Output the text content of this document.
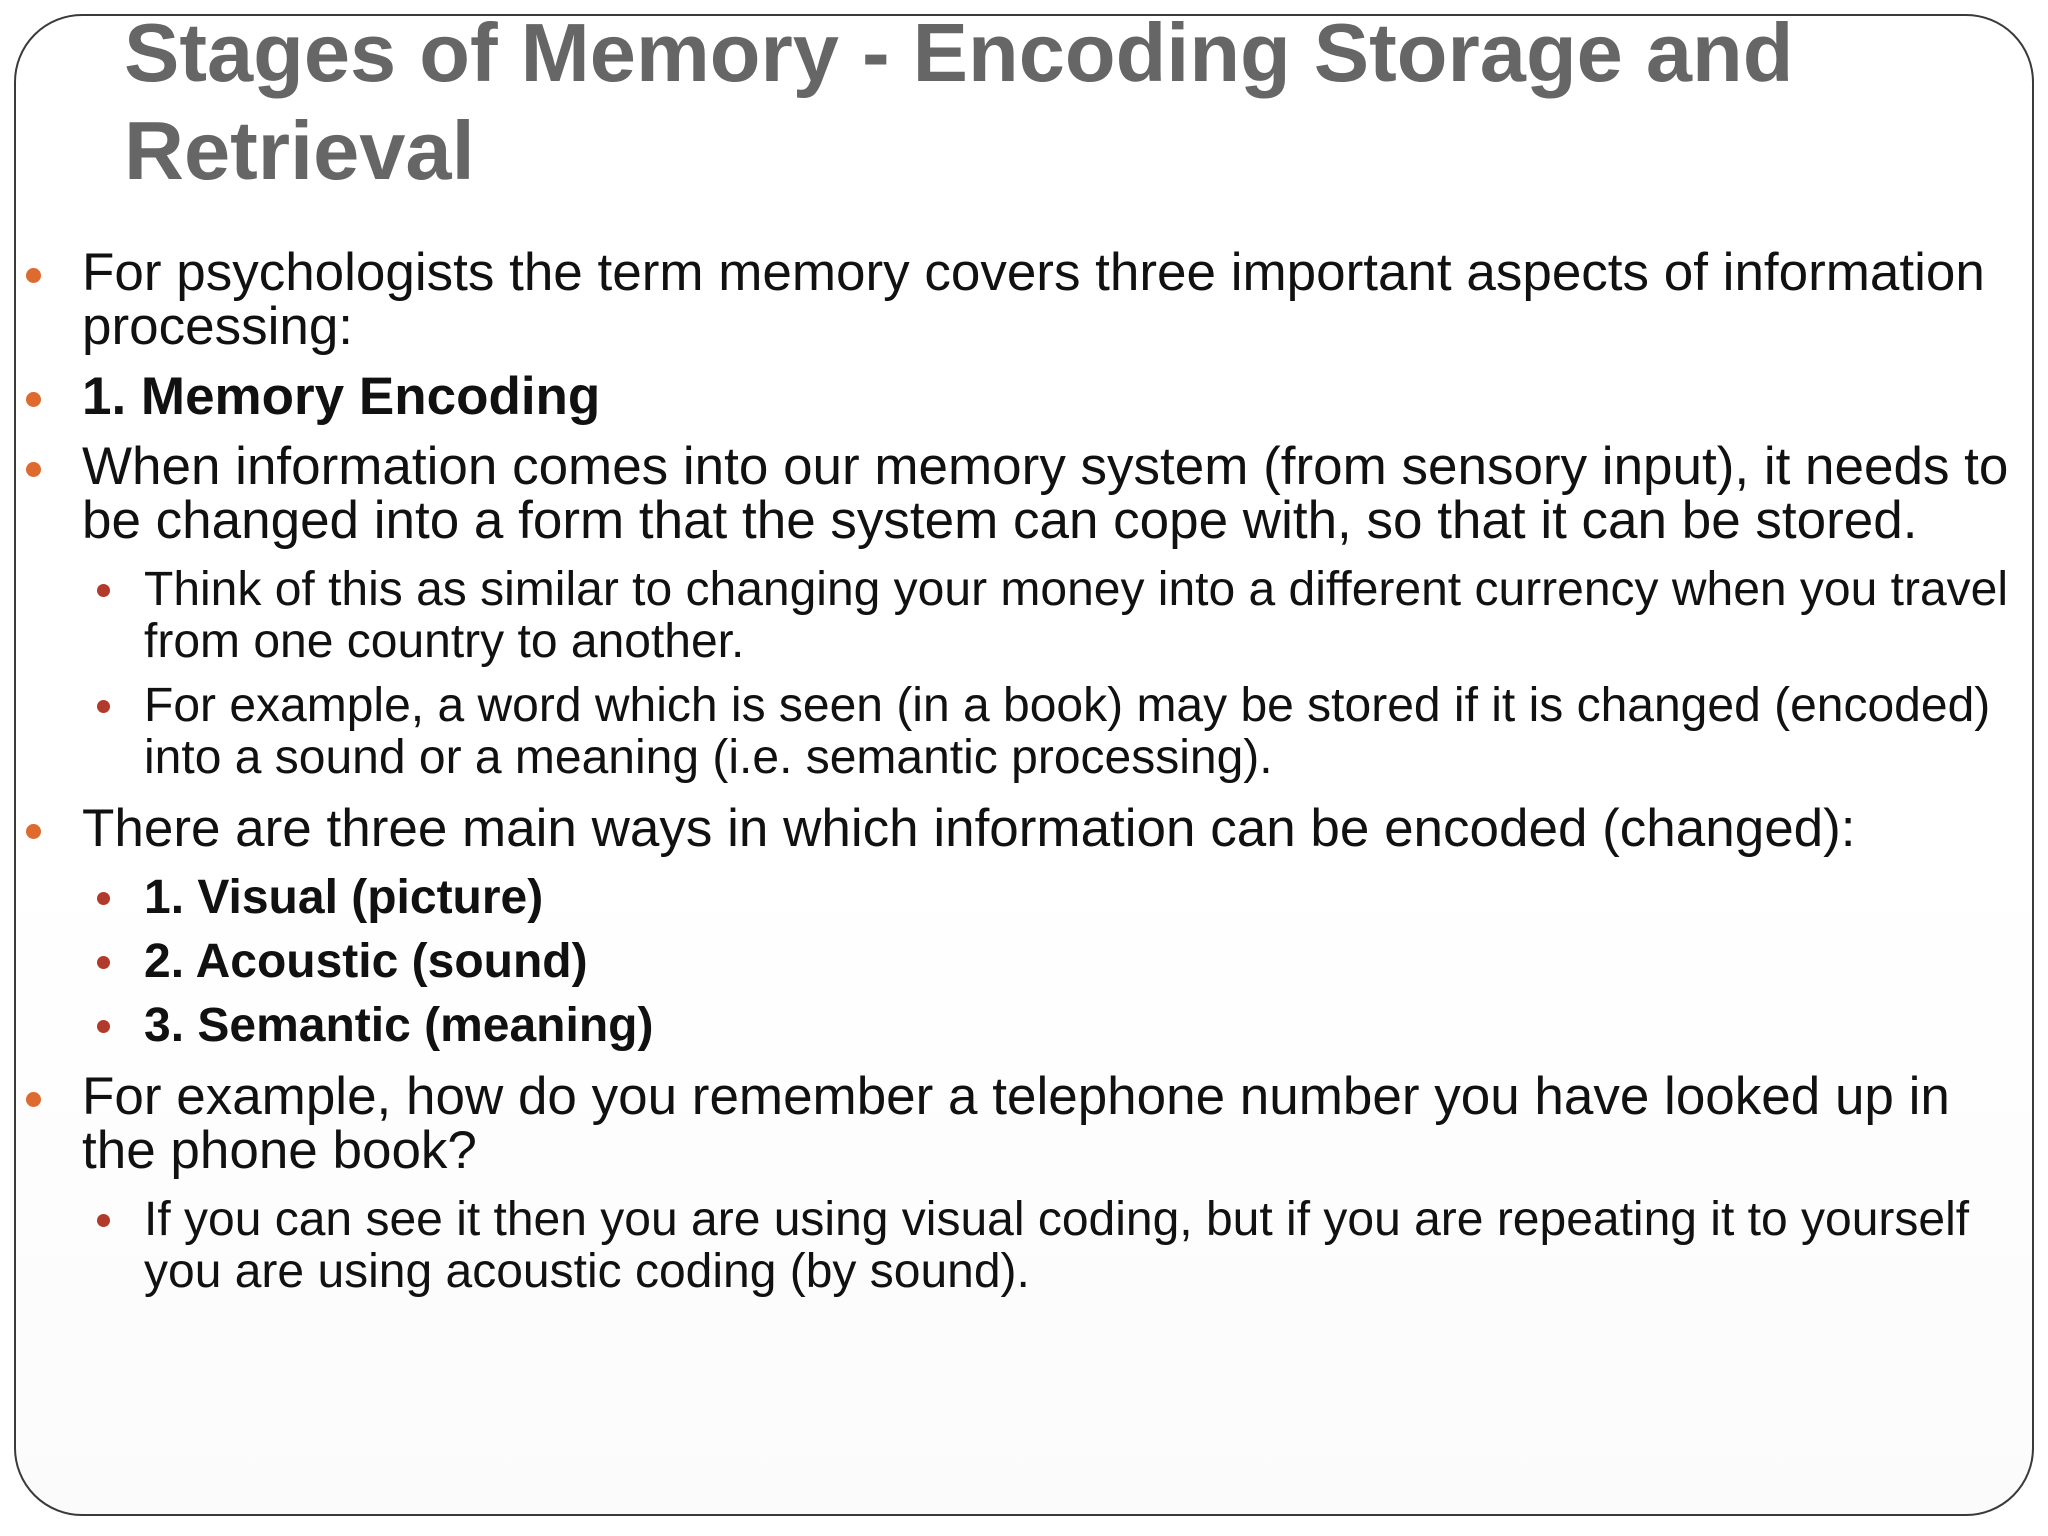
Stages of Memory - Encoding Storage and Retrieval
For psychologists the term memory covers three important aspects of information processing:
1. Memory Encoding
When information comes into our memory system (from sensory input), it needs to be changed into a form that the system can cope with, so that it can be stored.
Think of this as similar to changing your money into a different currency when you travel from one country to another.
For example, a word which is seen (in a book) may be stored if it is changed (encoded) into a sound or a meaning (i.e. semantic processing).
There are three main ways in which information can be encoded (changed):
1. Visual (picture)
2. Acoustic (sound)
3. Semantic (meaning)
For example, how do you remember a telephone number you have looked up in the phone book?
If you can see it then you are using visual coding, but if you are repeating it to yourself you are using acoustic coding (by sound).
